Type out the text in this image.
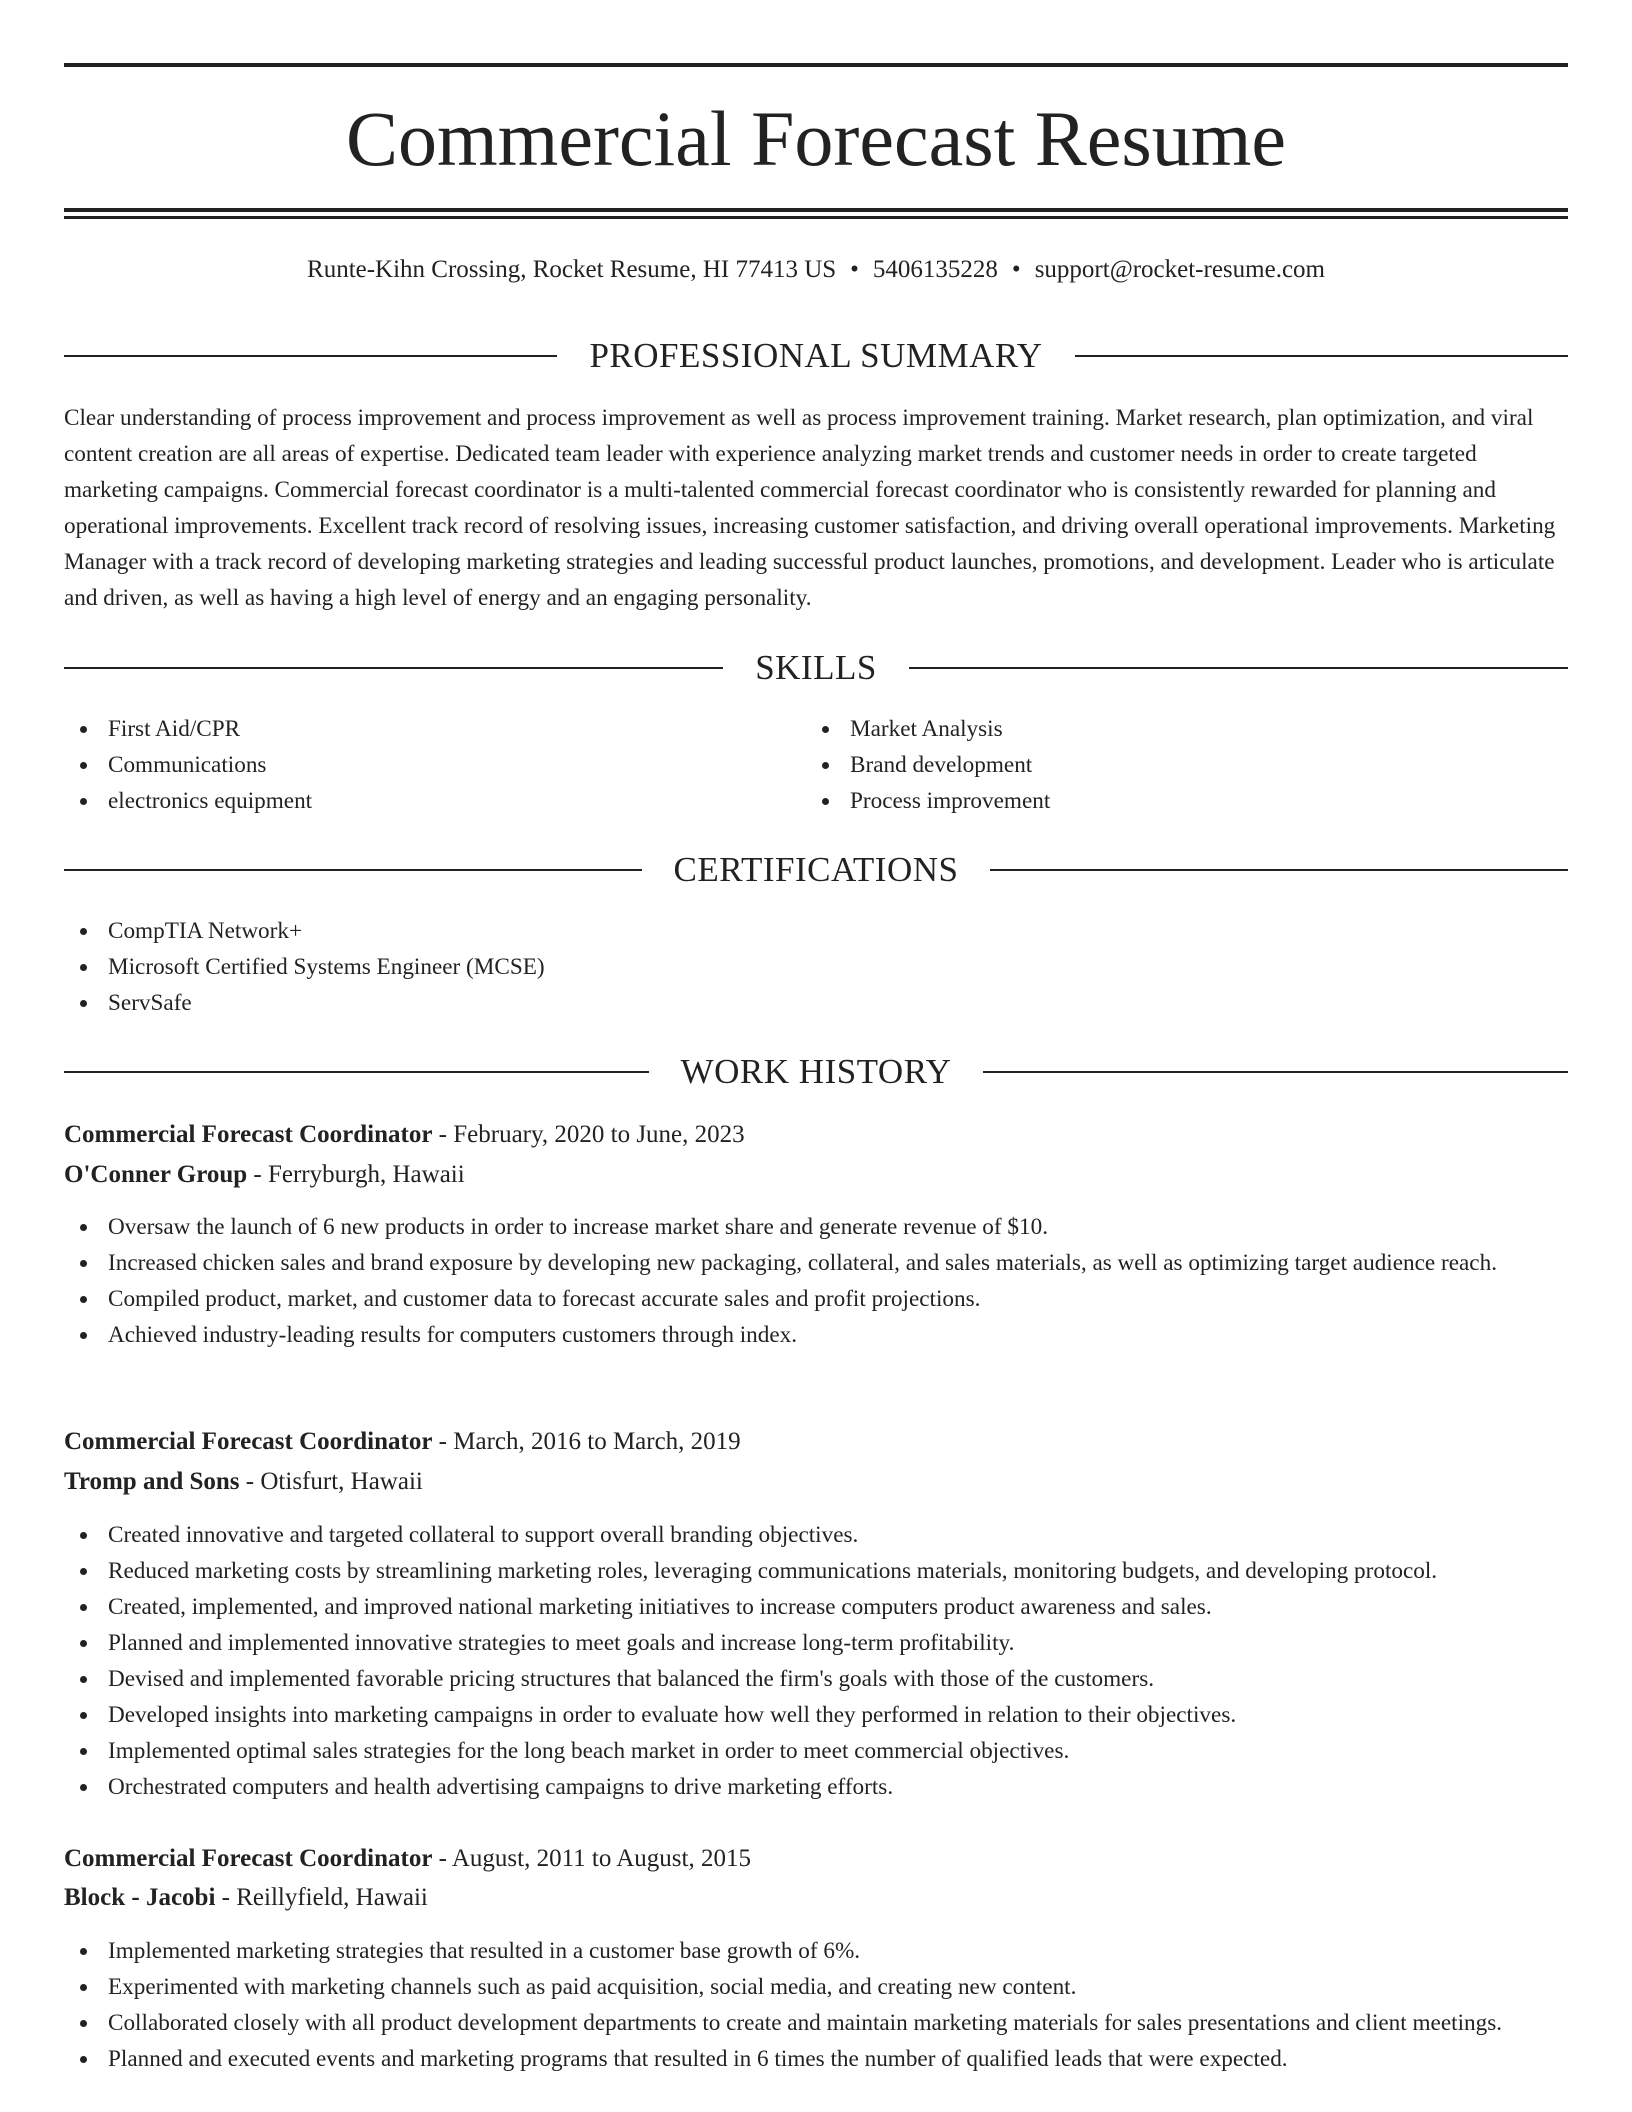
Commercial Forecast Resume
Runte-Kihn Crossing, Rocket Resume, HI 77413 US • 5406135228 • support@rocket-resume.com
PROFESSIONAL SUMMARY

Clear understanding of process improvement and process improvement as well as process improvement training. Market research, plan optimization, and viral content creation are all areas of expertise. Dedicated team leader with experience analyzing market trends and customer needs in order to create targeted marketing campaigns. Commercial forecast coordinator is a multi-talented commercial forecast coordinator who is consistently rewarded for planning and operational improvements. Excellent track record of resolving issues, increasing customer satisfaction, and driving overall operational improvements. Marketing Manager with a track record of developing marketing strategies and leading successful product launches, promotions, and development. Leader who is articulate and driven, as well as having a high level of energy and an engaging personality.

SKILLS
First Aid/CPR
Communications
electronics equipment
Market Analysis
Brand development
Process improvement
CERTIFICATIONS
CompTIA Network+
Microsoft Certified Systems Engineer (MCSE)
ServSafe
WORK HISTORY
Commercial Forecast Coordinator - February, 2020 to June, 2023
O'Conner Group - Ferryburgh, Hawaii
Oversaw the launch of 6 new products in order to increase market share and generate revenue of $10.
Increased chicken sales and brand exposure by developing new packaging, collateral, and sales materials, as well as optimizing target audience reach.
Compiled product, market, and customer data to forecast accurate sales and profit projections.
Achieved industry-leading results for computers customers through index.
Commercial Forecast Coordinator - March, 2016 to March, 2019
Tromp and Sons - Otisfurt, Hawaii
Created innovative and targeted collateral to support overall branding objectives.
Reduced marketing costs by streamlining marketing roles, leveraging communications materials, monitoring budgets, and developing protocol.
Created, implemented, and improved national marketing initiatives to increase computers product awareness and sales.
Planned and implemented innovative strategies to meet goals and increase long-term profitability.
Devised and implemented favorable pricing structures that balanced the firm's goals with those of the customers.
Developed insights into marketing campaigns in order to evaluate how well they performed in relation to their objectives.
Implemented optimal sales strategies for the long beach market in order to meet commercial objectives.
Orchestrated computers and health advertising campaigns to drive marketing efforts.
Commercial Forecast Coordinator - August, 2011 to August, 2015
Block - Jacobi - Reillyfield, Hawaii
Implemented marketing strategies that resulted in a customer base growth of 6%.
Experimented with marketing channels such as paid acquisition, social media, and creating new content.
Collaborated closely with all product development departments to create and maintain marketing materials for sales presentations and client meetings.
Planned and executed events and marketing programs that resulted in 6 times the number of qualified leads that were expected.
